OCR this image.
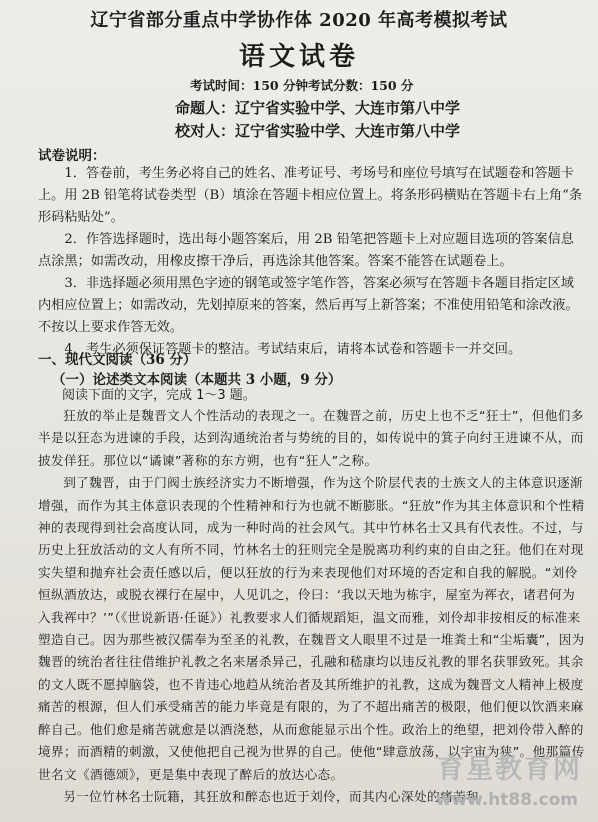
辽宁省部分重点中学协作体 2020 年高考模拟考试
语文试卷
考试时间：150 分钟考试分数：150 分
命题人：辽宁省实验中学、大连市第八中学
校对人：辽宁省实验中学、大连市第八中学
试卷说明：

1．答卷前，考生务必将自己的姓名、准考证号、考场号和座位号填写在试题卷和答题卡上。用 2B 铅笔将试卷类型（B）填涂在答题卡相应位置上。将条形码横贴在答题卡右上角“条形码粘贴处”。

2．作答选择题时，选出每小题答案后，用 2B 铅笔把答题卡上对应题目选项的答案信息点涂黑；如需改动，用橡皮擦干净后，再选涂其他答案。答案不能答在试题卷上。

3．非选择题必须用黑色字迹的钢笔或签字笔作答，答案必须写在答题卡各题目指定区域内相应位置上；如需改动，先划掉原来的答案，然后再写上新答案；不准使用铅笔和涂改液。不按以上要求作答无效。

4．考生必须保证答题卡的整洁。考试结束后，请将本试卷和答题卡一并交回。

一、现代文阅读（36 分）
（一）论述类文本阅读（本题共 3 小题，9 分）
阅读下面的文字，完成 1～3 题。

狂放的举止是魏晋文人个性活动的表现之一。在魏晋之前，历史上也不乏“狂士”，但他们多半是以狂态为进谏的手段，达到沟通统治者与势统的目的，如传说中的箕子向纣王进谏不从，而披发佯狂。那位以“谲谏”著称的东方朔，也有“狂人”之称。

到了魏晋，由于门阀士族经济实力不断增强，作为这个阶层代表的士族文人的主体意识逐渐增强，而作为其主体意识表现的个性精神和行为也就不断膨胀。“狂放”作为其主体意识和个性精神的表现得到社会高度认同，成为一种时尚的社会风气。其中竹林名士又具有代表性。不过，与历史上狂放活动的文人有所不同，竹林名士的狂则完全是脱离功利约束的自由之狂。他们在对现实失望和抛弃社会责任感以后，便以狂放的行为来表现他们对环境的否定和自我的解脱。“刘伶恒纵酒放达，或脱衣裸行在屋中，人见讥之，伶曰：‘我以天地为栋宇，屋室为裈衣，诸君何为入我裈中？’”（《世说新语·任诞》）礼教要求人们循规蹈矩，温文而雅，刘伶却非按相反的标准来塑造自己。因为那些被汉儒奉为至圣的礼教，在魏晋文人眼里不过是一堆粪土和“尘垢囊”，因为魏晋的统治者往往借维护礼教之名来屠杀异己，孔融和嵇康均以违反礼教的罪名获罪致死。其余的文人既不愿掉脑袋，也不肯违心地趋从统治者及其所维护的礼教，这成为魏晋文人精神上极度痛苦的根源，但人们承受痛苦的能力毕竟是有限的，为了不超出痛苦的极限，他们便以饮酒来麻醉自己。他们愈是痛苦就愈是以酒浇愁，从而愈能显示出个性。政治上的绝望，把刘伶带入醉的境界；而酒精的刺激，又使他把自己视为世界的自己。使他“肆意放荡，以宇宙为狭”。他那篇传世名文《酒德颂》，更是集中表现了醉后的放达心态。

另一位竹林名士阮籍，其狂放和醉态也近于刘伶，而其内心深处的痛苦和

育星教育网
www.ht88.com
